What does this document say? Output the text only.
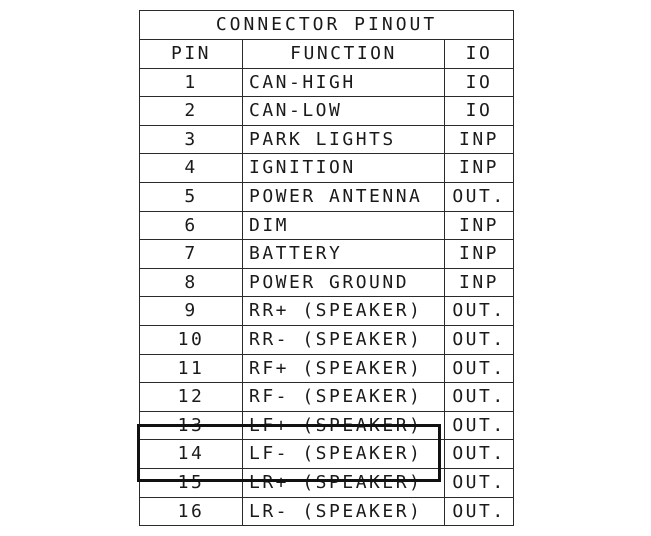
CONNECTOR PINOUT		
PIN	FUNCTION	IO
1	CAN-HIGH	IO
2	CAN-LOW	IO
3	PARK LIGHTS	INP
4	IGNITION	INP
5	POWER ANTENNA	OUT.
6	DIM	INP
7	BATTERY	INP
8	POWER GROUND	INP
9	RR+ (SPEAKER)	OUT.
10	RR- (SPEAKER)	OUT.
11	RF+ (SPEAKER)	OUT.
12	RF- (SPEAKER)	OUT.
13	LF+ (SPEAKER)	OUT.
14	LF- (SPEAKER)	OUT.
15	LR+ (SPEAKER)	OUT.
16	LR- (SPEAKER)	OUT.
